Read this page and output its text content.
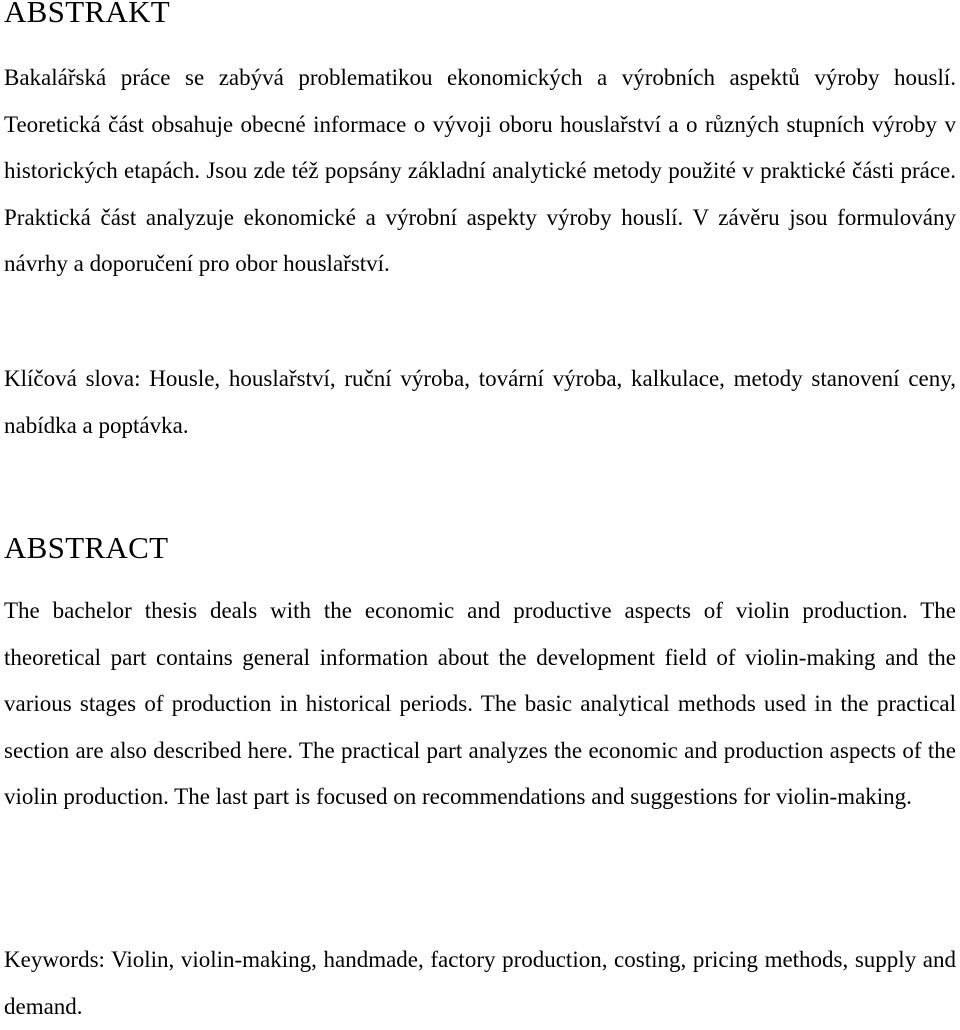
ABSTRAKT

Bakalářská práce se zabývá problematikou ekonomických a výrobních aspektů výroby houslí. Teoretická část obsahuje obecné informace o vývoji oboru houslařství a o různých stupních výroby v historických etapách. Jsou zde též popsány základní analytické metody použité v praktické části práce. Praktická část analyzuje ekonomické a výrobní aspekty výroby houslí. V závěru jsou formulovány návrhy a doporučení pro obor houslařství.

Klíčová slova: Housle, houslařství, ruční výroba, tovární výroba, kalkulace, metody stanovení ceny, nabídka a poptávka.

ABSTRACT

The bachelor thesis deals with the economic and productive aspects of violin production. The theoretical part contains general information about the development field of violin-making and the various stages of production in historical periods. The basic analytical methods used in the practical section are also described here. The practical part analyzes the economic and production aspects of the violin production. The last part is focused on recommendations and suggestions for violin-making.

Keywords: Violin, violin-making, handmade, factory production, costing, pricing methods, supply and demand.
